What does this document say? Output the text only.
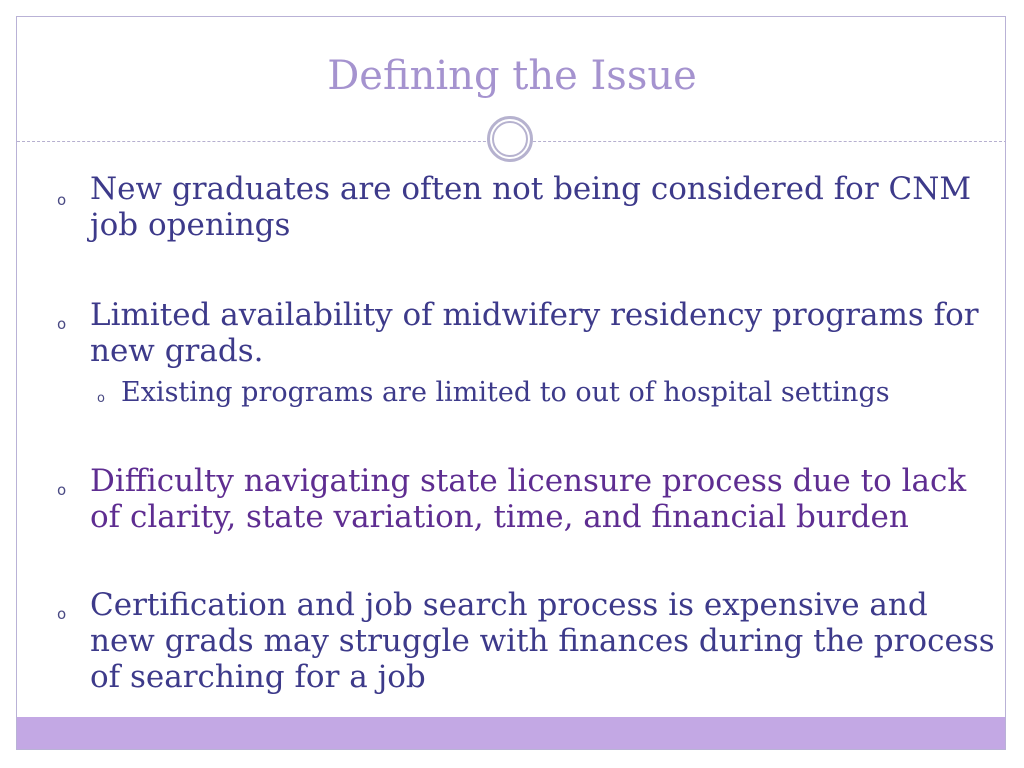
Defining the Issue
o New graduates are often not being considered for CNM job openings
o Limited availability of midwifery residency programs for new grads.
o Existing programs are limited to out of hospital settings
o Difficulty navigating state licensure process due to lack of clarity, state variation, time, and financial burden
o Certification and job search process is expensive and new grads may struggle with finances during the process of searching for a job
